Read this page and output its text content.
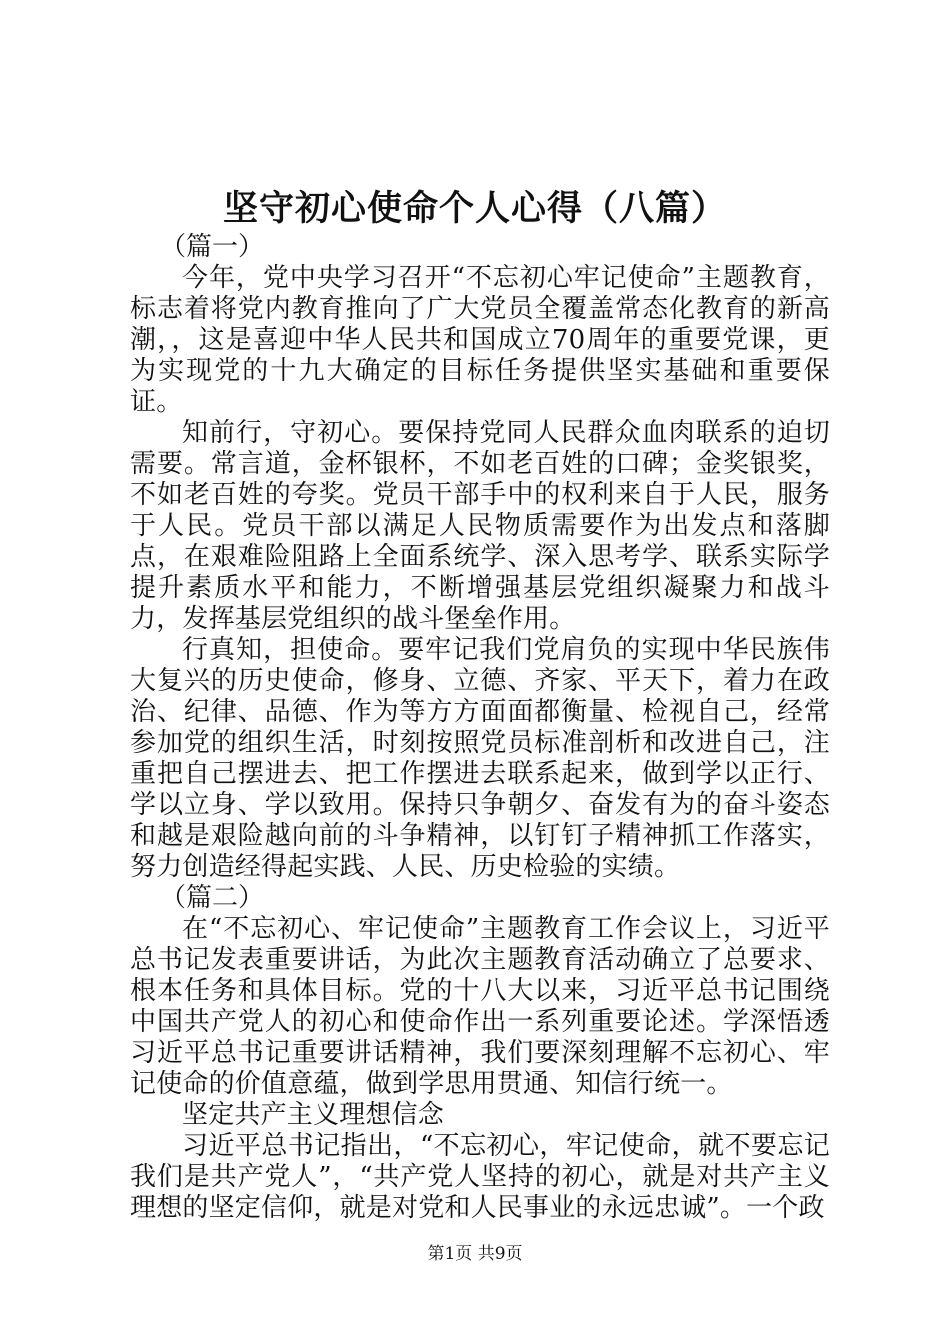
坚守初心使命个人心得（八篇）

（篇一）

今年，党中央学习召开“不忘初心牢记使命”主题教育，标志着将党内教育推向了广大党员全覆盖常态化教育的新高潮，，这是喜迎中华人民共和国成立70周年的重要党课，更为实现党的十九大确定的目标任务提供坚实基础和重要保证。

知前行，守初心。要保持党同人民群众血肉联系的迫切需要。常言道，金杯银杯，不如老百姓的口碑；金奖银奖，不如老百姓的夸奖。党员干部手中的权利来自于人民，服务于人民。党员干部以满足人民物质需要作为出发点和落脚点，在艰难险阻路上全面系统学、深入思考学、联系实际学提升素质水平和能力，不断增强基层党组织凝聚力和战斗力，发挥基层党组织的战斗堡垒作用。

行真知，担使命。要牢记我们党肩负的实现中华民族伟大复兴的历史使命，修身、立德、齐家、平天下，着力在政治、纪律、品德、作为等方方面面都衡量、检视自己，经常参加党的组织生活，时刻按照党员标准剖析和改进自己，注重把自己摆进去、把工作摆进去联系起来，做到学以正行、学以立身、学以致用。保持只争朝夕、奋发有为的奋斗姿态和越是艰险越向前的斗争精神，以钉钉子精神抓工作落实，努力创造经得起实践、人民、历史检验的实绩。

（篇二）

在“不忘初心、牢记使命”主题教育工作会议上，习近平总书记发表重要讲话，为此次主题教育活动确立了总要求、根本任务和具体目标。党的十八大以来，习近平总书记围绕中国共产党人的初心和使命作出一系列重要论述。学深悟透习近平总书记重要讲话精神，我们要深刻理解不忘初心、牢记使命的价值意蕴，做到学思用贯通、知信行统一。

坚定共产主义理想信念

习近平总书记指出，“不忘初心，牢记使命，就不要忘记我们是共产党人”，“共产党人坚持的初心，就是对共产主义理想的坚定信仰，就是对党和人民事业的永远忠诚”。一个政

第1页 共9页
